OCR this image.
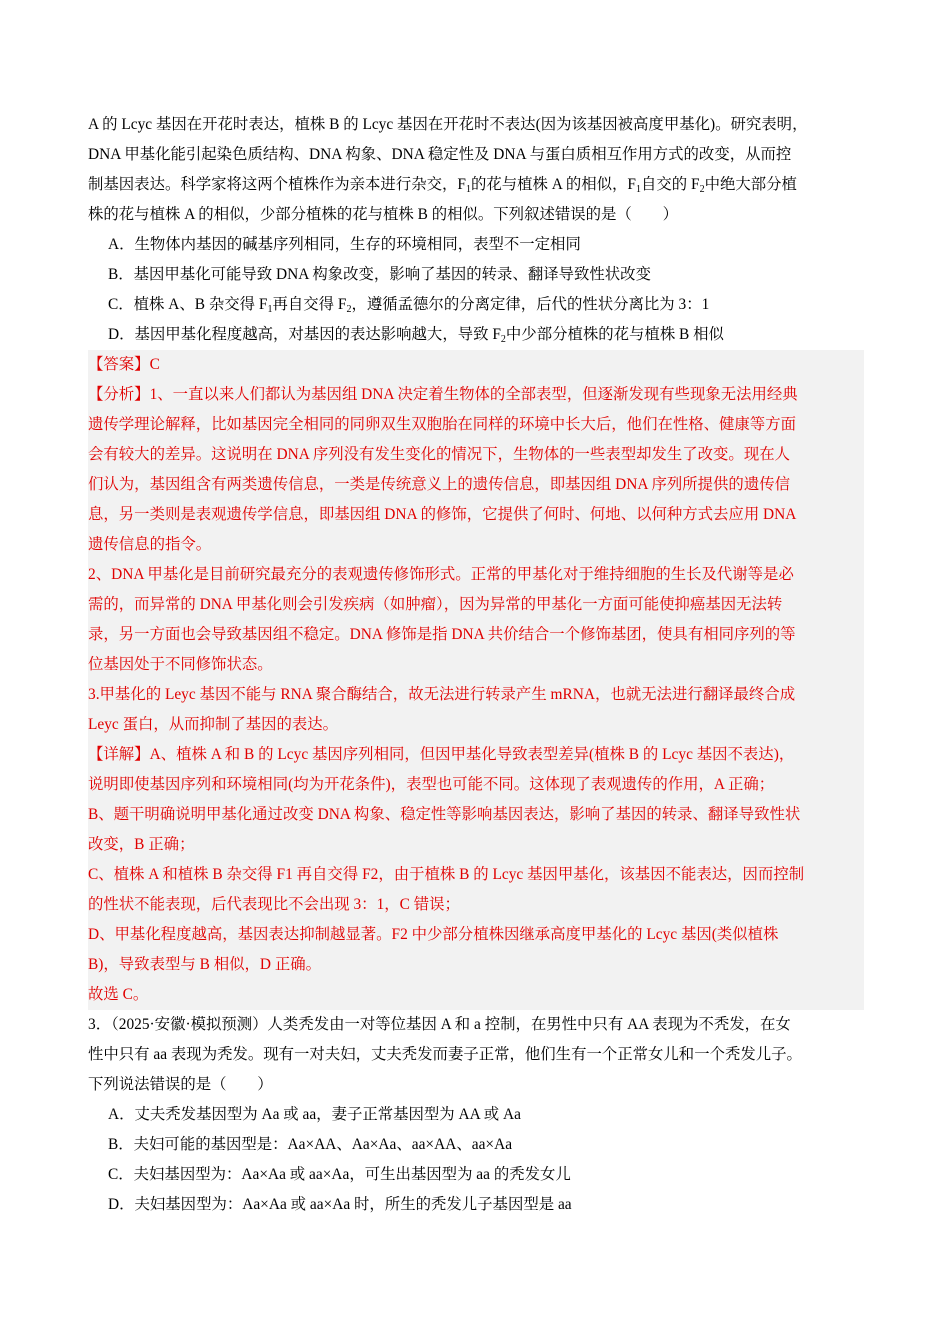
A 的 Lcyc 基因在开花时表达，植株 B 的 Lcyc 基因在开花时不表达(因为该基因被高度甲基化)。研究表明，

DNA 甲基化能引起染色质结构、DNA 构象、DNA 稳定性及 DNA 与蛋白质相互作用方式的改变，从而控

制基因表达。科学家将这两个植株作为亲本进行杂交，$F_1$的花与植株 A 的相似，$F_1$自交的 $F_2$中绝大部分植

株的花与植株 A 的相似，少部分植株的花与植株 B 的相似。下列叙述错误的是（　　）

A．生物体内基因的碱基序列相同，生存的环境相同，表型不一定相同

B．基因甲基化可能导致 DNA 构象改变，影响了基因的转录、翻译导致性状改变

C．植株 A、B 杂交得 $F_1$再自交得 $F_2$，遵循孟德尔的分离定律，后代的性状分离比为 3：1

D．基因甲基化程度越高，对基因的表达影响越大，导致 $F_2$中少部分植株的花与植株 B 相似

【答案】C

【分析】1、一直以来人们都认为基因组 DNA 决定着生物体的全部表型，但逐渐发现有些现象无法用经典

遗传学理论解释，比如基因完全相同的同卵双生双胞胎在同样的环境中长大后，他们在性格、健康等方面

会有较大的差异。这说明在 DNA 序列没有发生变化的情况下，生物体的一些表型却发生了改变。现在人

们认为，基因组含有两类遗传信息，一类是传统意义上的遗传信息，即基因组 DNA 序列所提供的遗传信

息，另一类则是表观遗传学信息，即基因组 DNA 的修饰，它提供了何时、何地、以何种方式去应用 DNA

遗传信息的指令。

2、DNA 甲基化是目前研究最充分的表观遗传修饰形式。正常的甲基化对于维持细胞的生长及代谢等是必

需的，而异常的 DNA 甲基化则会引发疾病（如肿瘤），因为异常的甲基化一方面可能使抑癌基因无法转

录，另一方面也会导致基因组不稳定。DNA 修饰是指 DNA 共价结合一个修饰基团，使具有相同序列的等

位基因处于不同修饰状态。

3.甲基化的 Leyc 基因不能与 RNA 聚合酶结合，故无法进行转录产生 mRNA，也就无法进行翻译最终合成

Leyc 蛋白，从而抑制了基因的表达。

【详解】A、植株 A 和 B 的 Lcyc 基因序列相同，但因甲基化导致表型差异(植株 B 的 Lcyc 基因不表达)，

说明即使基因序列和环境相同(均为开花条件)，表型也可能不同。这体现了表观遗传的作用，A 正确；

B、题干明确说明甲基化通过改变 DNA 构象、稳定性等影响基因表达，影响了基因的转录、翻译导致性状

改变，B 正确；

C、植株 A 和植株 B 杂交得 F1 再自交得 F2，由于植株 B 的 Lcyc 基因甲基化，该基因不能表达，因而控制

的性状不能表现，后代表现比不会出现 3：1，C 错误；

D、甲基化程度越高，基因表达抑制越显著。F2 中少部分植株因继承高度甲基化的 Lcyc 基因(类似植株

B)，导致表型与 B 相似，D 正确。

故选 C。

3．（2025·安徽·模拟预测）人类秃发由一对等位基因 A 和 a 控制，在男性中只有 AA 表现为不秃发，在女

性中只有 aa 表现为秃发。现有一对夫妇，丈夫秃发而妻子正常，他们生有一个正常女儿和一个秃发儿子。

下列说法错误的是（　　）

A．丈夫秃发基因型为 Aa 或 aa，妻子正常基因型为 AA 或 Aa

B．夫妇可能的基因型是：Aa×AA、Aa×Aa、aa×AA、aa×Aa

C．夫妇基因型为：Aa×Aa 或 aa×Aa，可生出基因型为 aa 的秃发女儿

D．夫妇基因型为：Aa×Aa 或 aa×Aa 时，所生的秃发儿子基因型是 aa
